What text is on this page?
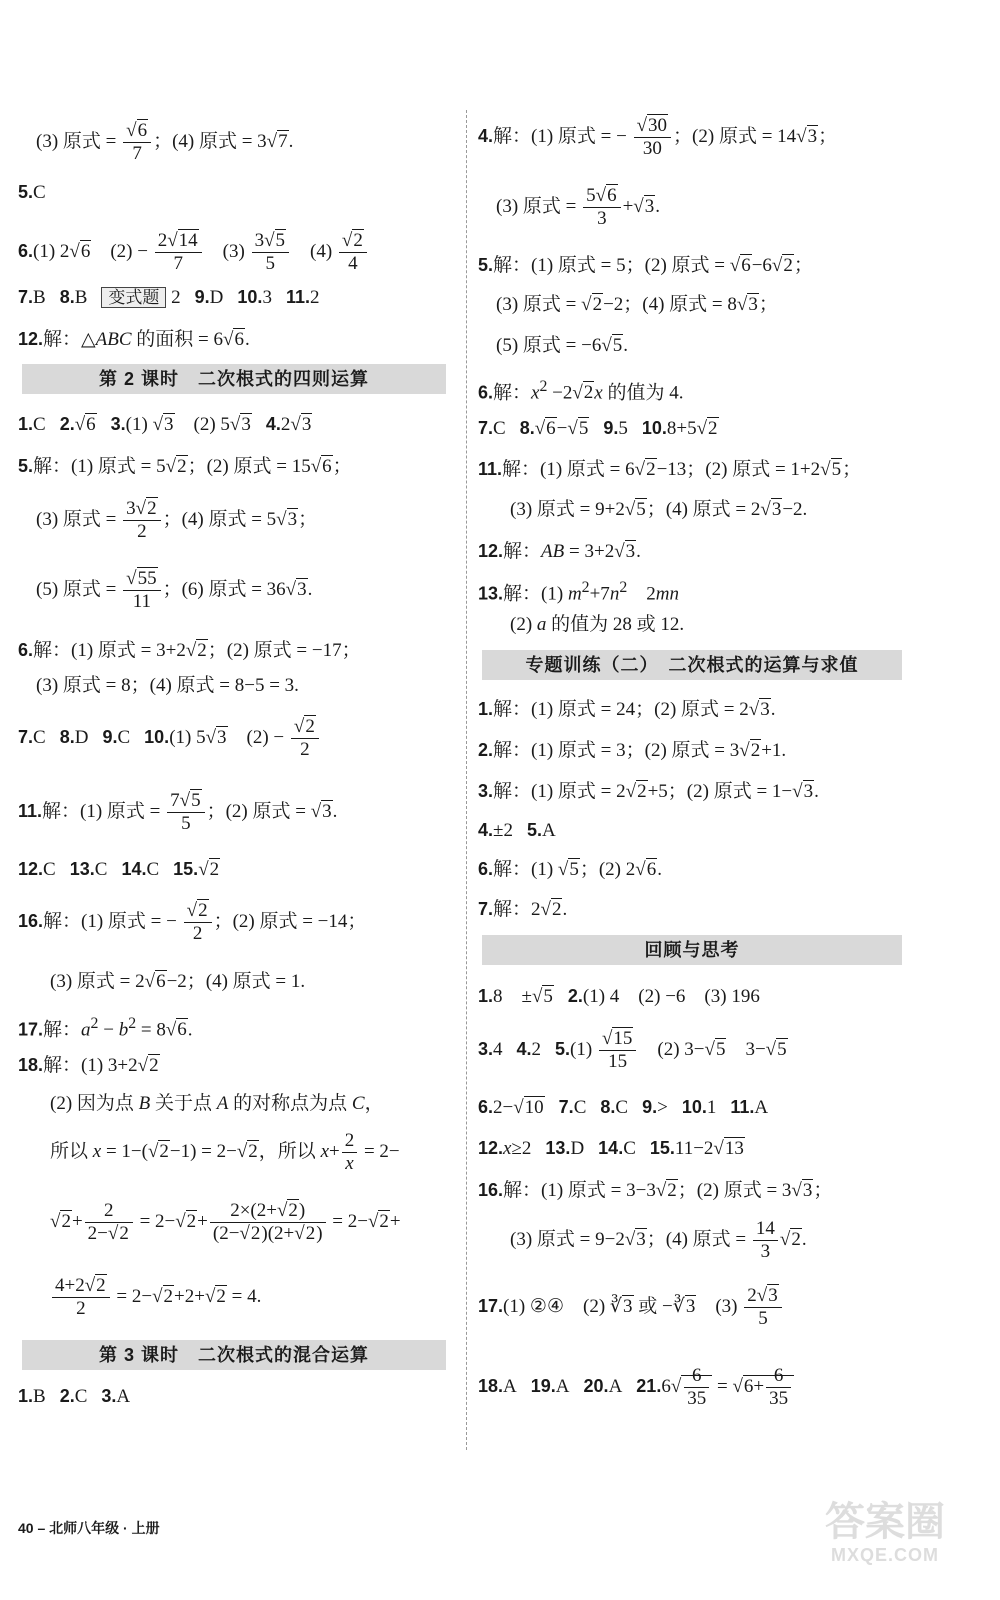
(3) 原式 = $\frac{√6}{7}$ ；(4) 原式 = 3√7.
5.C
6.(1) 2√6　$(2) - \frac{2√14}{7}$ 　$(3) \frac{3√5}{5}$ 　$(4) \frac{√2}{4}$
7.B 8.B 变式题 2 9.D 10.3 11.2
12.解：△ABC 的面积 = 6√6.
第 2 课时　二次根式的四则运算
1.C 2.√6 3.(1) √3　(2) 5√3 4.2√3
5.解：(1) 原式 = 5√2；(2) 原式 = 15√6；
(3) 原式 = $\frac{3√2}{2}$ ；(4) 原式 = 5√3；
(5) 原式 = $\frac{√55}{11}$ ；(6) 原式 = 36√3.
6.解：(1) 原式 = 3+2√2；(2) 原式 = −17；
(3) 原式 = 8；(4) 原式 = 8−5 = 3.
7.C 8.D 9.C 10.(1) 5√3　$(2) - \frac{√2}{2}$
11.解：(1) 原式 = $\frac{7√5}{5}$ ；(2) 原式 = √3.
12.C 13.C 14.C 15.√2
16.解：(1) 原式 = − $\frac{√2}{2}$ ；(2) 原式 = −14；
(3) 原式 = 2√6−2；(4) 原式 = 1.
17.解：$a^2 - b^2 = 8√6$.
18.解：(1) 3+2√2
(2) 因为点 B 关于点 A 的对称点为点 C，
所以 x = 1−(√2−1) = 2−√2，所以 $x+ \frac{2}{x} = 2-$
$√2+ \frac{2}{2-√2} = 2-√2+ \frac{2\times(2+√2)}{(2-√2)(2+√2)} = 2-√2+$
$\frac{4+2√2}{2} = 2-√2+2+√2 = 4$.
第 3 课时　二次根式的混合运算
1.B 2.C 3.A
40 – 北师八年级 · 上册
4.解：(1) 原式 = − $\frac{√30}{30}$ ；(2) 原式 = 14√3；
(3) 原式 = $\frac{5√6}{3} +√3$.
5.解：(1) 原式 = 5；(2) 原式 = √6−6√2；
(3) 原式 = √2−2；(4) 原式 = 8√3；
(5) 原式 = −6√5.
6.解：$x^2 -2√2x$ 的值为 4.
7.C 8.√6−√5 9.5 10.8+5√2
11.解：(1) 原式 = 6√2−13；(2) 原式 = 1+2√5；
(3) 原式 = 9+2√5；(4) 原式 = 2√3−2.
12.解：AB = 3+2√3.
13.解：(1) $m^2+7n^2$　2mn
(2) a 的值为 28 或 12.
专题训练（二）　二次根式的运算与求值
1.解：(1) 原式 = 24；(2) 原式 = 2√3.
2.解：(1) 原式 = 3；(2) 原式 = 3√2+1.
3.解：(1) 原式 = 2√2+5；(2) 原式 = 1−√3.
4.±2 5.A
6.解：(1) √5；(2) 2√6.
7.解：2√2.
回顾与思考
1.8　±√5 2.(1) 4　(2) −6　(3) 196
3.4 4.2 $5.(1) \frac{√15}{15}$ 　(2) 3−√5　3−√5
6.2−√10 7.C 8.C 9.> 10.1 11.A
12.x≥2 13.D 14.C 15.11−2√13
16.解：(1) 原式 = 3−3√2；(2) 原式 = 3√3；
(3) 原式 = 9−2√3；(4) 原式 = $\frac{14}{3} √2$.
17.(1) ②④　(2) ∛3 或 −∛3　$(3) \frac{2√3}{5}$
18.A 19.A 20.A $21.6√ \frac{6}{35} = √6+ \frac{6}{35}$
答案圈
MXQE.COM
